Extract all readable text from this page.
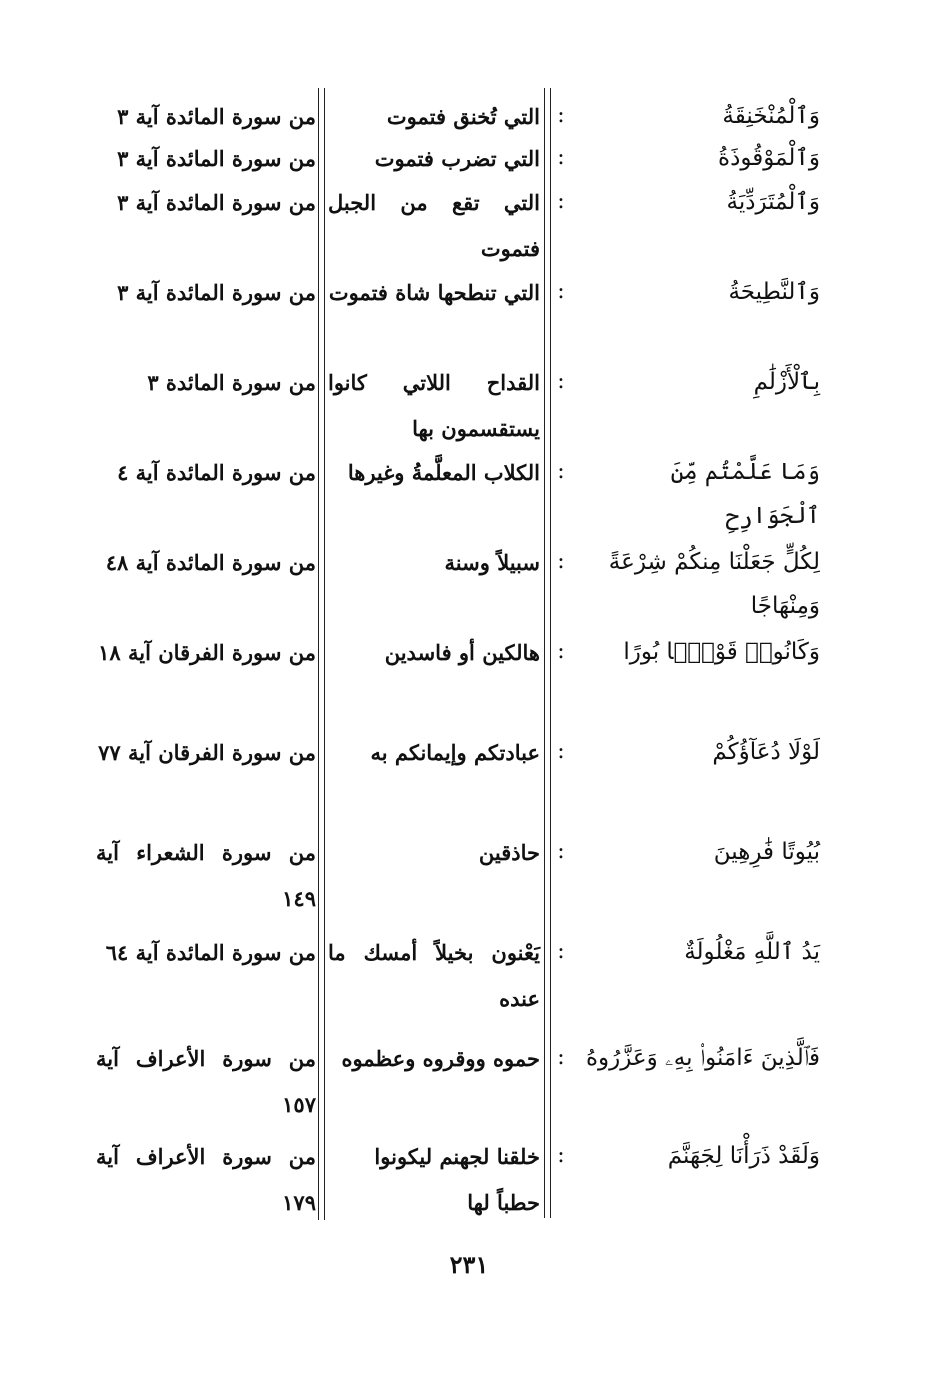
وَٱلْمُنْخَنِقَةُ
:
التي تُخنق فتموت
من سورة المائدة آية ٣
وَٱلْمَوْقُوذَةُ
:
التي تضرب فتموت
من سورة المائدة آية ٣
وَٱلْمُتَرَدِّيَةُ
:
التي تقع من الجبل فتموت
من سورة المائدة آية ٣
وَٱلنَّطِيحَةُ
:
التي تنطحها شاة فتموت
من سورة المائدة آية ٣
بِٱلْأَزْلَٰمِ
:
القداح اللاتي كانوا يستقسمون بها
من سورة المائدة ٣
وَمَا عَلَّمْتُم مِّنَ ٱلْجَوَارِحِ
:
الكلاب المعلَّمةُ وغيرها
من سورة المائدة آية ٤
لِكُلٍّ جَعَلْنَا مِنكُمْ شِرْعَةً وَمِنْهَاجًا
:
سبيلاً وسنة
من سورة المائدة آية ٤٨
وَكَانُوا۟ قَوْمًۢا بُورًا
:
هالكين أو فاسدين
من سورة الفرقان آية ١٨
لَوْلَا دُعَآؤُكُمْ
:
عبادتكم وإيمانكم به
من سورة الفرقان آية ٧٧
بُيُوتًا فَٰرِهِينَ
:
حاذقين
من سورة الشعراء آية ١٤٩
يَدُ ٱللَّهِ مَغْلُولَةٌ
:
يَعْنون بخيلاً أمسك ما عنده
من سورة المائدة آية ٦٤
فَٱلَّذِينَ ءَامَنُوا۟ بِهِۦ وَعَزَّرُوهُ
:
حموه ووقروه وعظموه
من سورة الأعراف آية ١٥٧
وَلَقَدْ ذَرَأْنَا لِجَهَنَّمَ
:
خلقنا لجهنم ليكونوا حطباً لها
من سورة الأعراف آية ١٧٩
٢٣١
